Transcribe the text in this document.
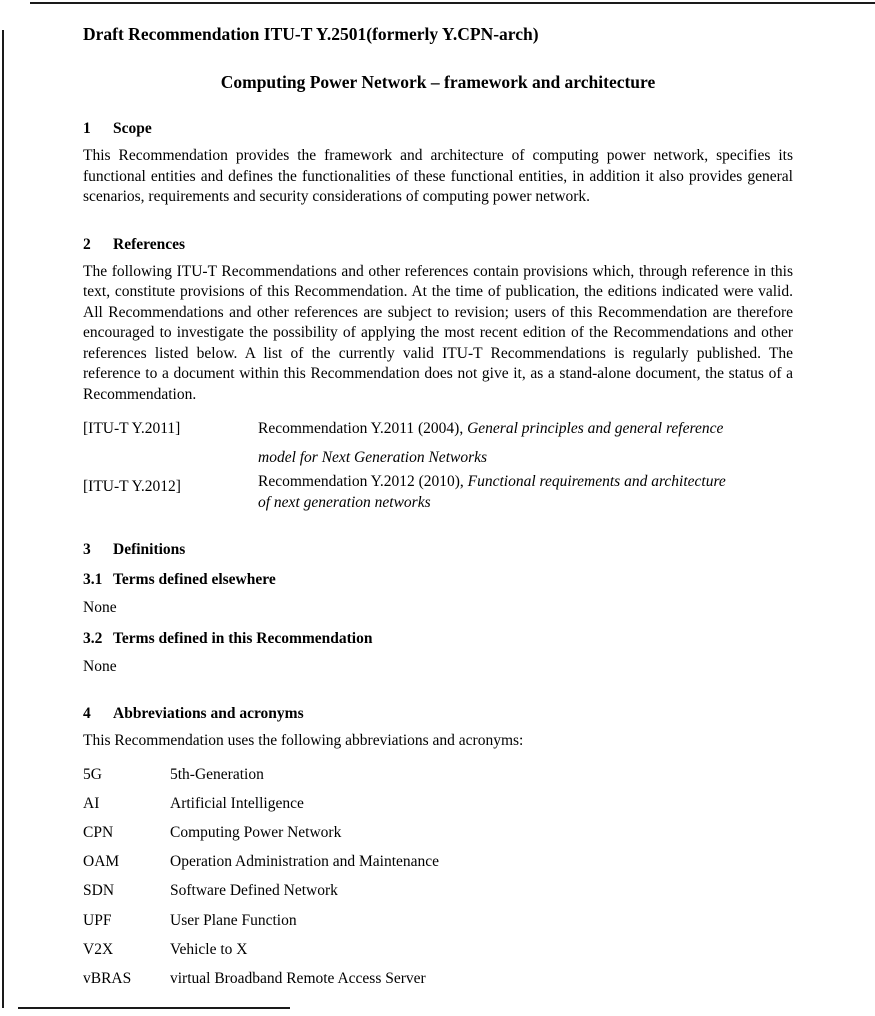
Draft Recommendation ITU-T Y.2501(formerly Y.CPN-arch)
Computing Power Network – framework and architecture
1 Scope
This Recommendation provides the framework and architecture of computing power network, specifies its functional entities and defines the functionalities of these functional entities, in addition it also provides general scenarios, requirements and security considerations of computing power network.
2 References
The following ITU-T Recommendations and other references contain provisions which, through reference in this text, constitute provisions of this Recommendation. At the time of publication, the editions indicated were valid. All Recommendations and other references are subject to revision; users of this Recommendation are therefore encouraged to investigate the possibility of applying the most recent edition of the Recommendations and other references listed below. A list of the currently valid ITU-T Recommendations is regularly published. The reference to a document within this Recommendation does not give it, as a stand-alone document, the status of a Recommendation.
[ITU-T Y.2011]	Recommendation Y.2011 (2004), General principles and general reference model for Next Generation Networks
[ITU-T Y.2012]	Recommendation Y.2012 (2010), Functional requirements and architecture of next generation networks
3 Definitions
3.1 Terms defined elsewhere
None
3.2 Terms defined in this Recommendation
None
4 Abbreviations and acronyms
This Recommendation uses the following abbreviations and acronyms:
5G	5th-Generation
AI	Artificial Intelligence
CPN	Computing Power Network
OAM	Operation Administration and Maintenance
SDN	Software Defined Network
UPF	User Plane Function
V2X	Vehicle to X
vBRAS	virtual Broadband Remote Access Server
